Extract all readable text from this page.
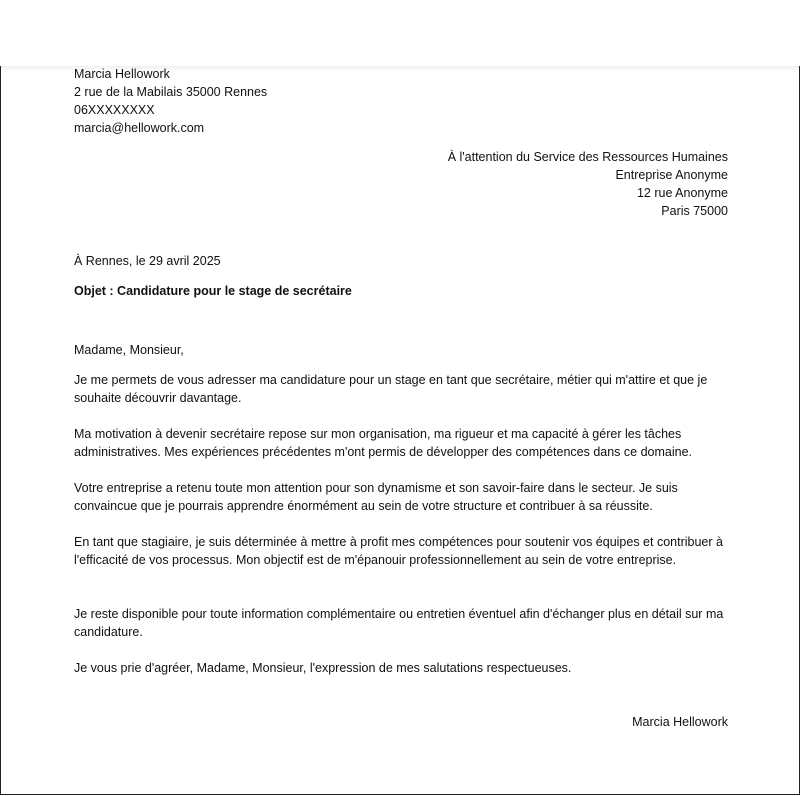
Marcia Hellowork
2 rue de la Mabilais 35000 Rennes
06XXXXXXXX
marcia@hellowork.com
À l'attention du Service des Ressources Humaines
Entreprise Anonyme
12 rue Anonyme
Paris 75000
À Rennes, le 29 avril 2025
Objet : Candidature pour le stage de secrétaire
Madame, Monsieur,

Je me permets de vous adresser ma candidature pour un stage en tant que secrétaire, métier qui m'attire et que je souhaite découvrir davantage.

Ma motivation à devenir secrétaire repose sur mon organisation, ma rigueur et ma capacité à gérer les tâches administratives. Mes expériences précédentes m'ont permis de développer des compétences dans ce domaine.

Votre entreprise a retenu toute mon attention pour son dynamisme et son savoir-faire dans le secteur. Je suis convaincue que je pourrais apprendre énormément au sein de votre structure et contribuer à sa réussite.

En tant que stagiaire, je suis déterminée à mettre à profit mes compétences pour soutenir vos équipes et contribuer à l'efficacité de vos processus. Mon objectif est de m'épanouir professionnellement au sein de votre entreprise.

Je reste disponible pour toute information complémentaire ou entretien éventuel afin d'échanger plus en détail sur ma candidature.

Je vous prie d'agréer, Madame, Monsieur, l'expression de mes salutations respectueuses.

Marcia Hellowork
